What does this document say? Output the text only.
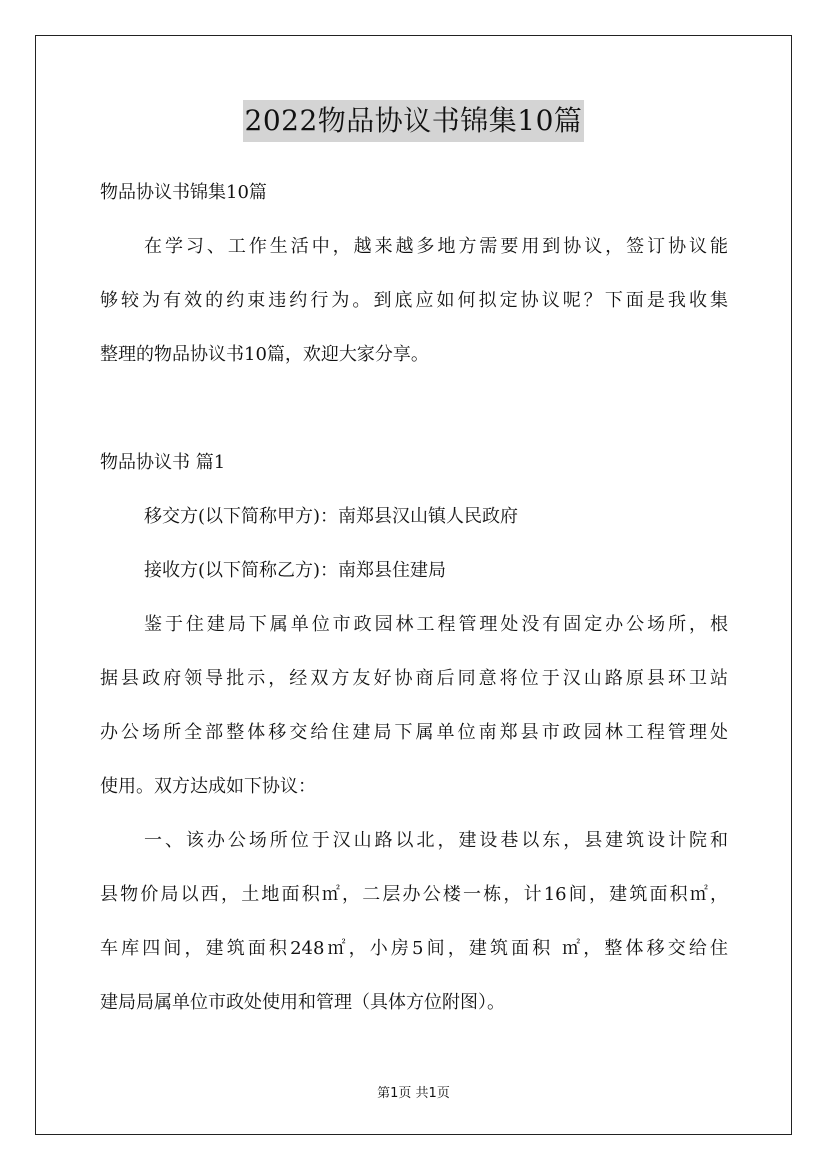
2022物品协议书锦集10篇
物品协议书锦集10篇
在学习、工作生活中，越来越多地方需要用到协议，签订协议能
够较为有效的约束违约行为。到底应如何拟定协议呢？下面是我收集
整理的物品协议书10篇，欢迎大家分享。
物品协议书 篇1
移交方(以下简称甲方)：南郑县汉山镇人民政府
接收方(以下简称乙方)：南郑县住建局
鉴于住建局下属单位市政园林工程管理处没有固定办公场所，根
据县政府领导批示，经双方友好协商后同意将位于汉山路原县环卫站
办公场所全部整体移交给住建局下属单位南郑县市政园林工程管理处
使用。双方达成如下协议：
一、该办公场所位于汉山路以北，建设巷以东，县建筑设计院和
县物价局以西，土地面积㎡，二层办公楼一栋，计16间，建筑面积㎡，
车库四间，建筑面积248㎡，小房5间，建筑面积 ㎡，整体移交给住
建局局属单位市政处使用和管理（具体方位附图）。
第1页 共1页
